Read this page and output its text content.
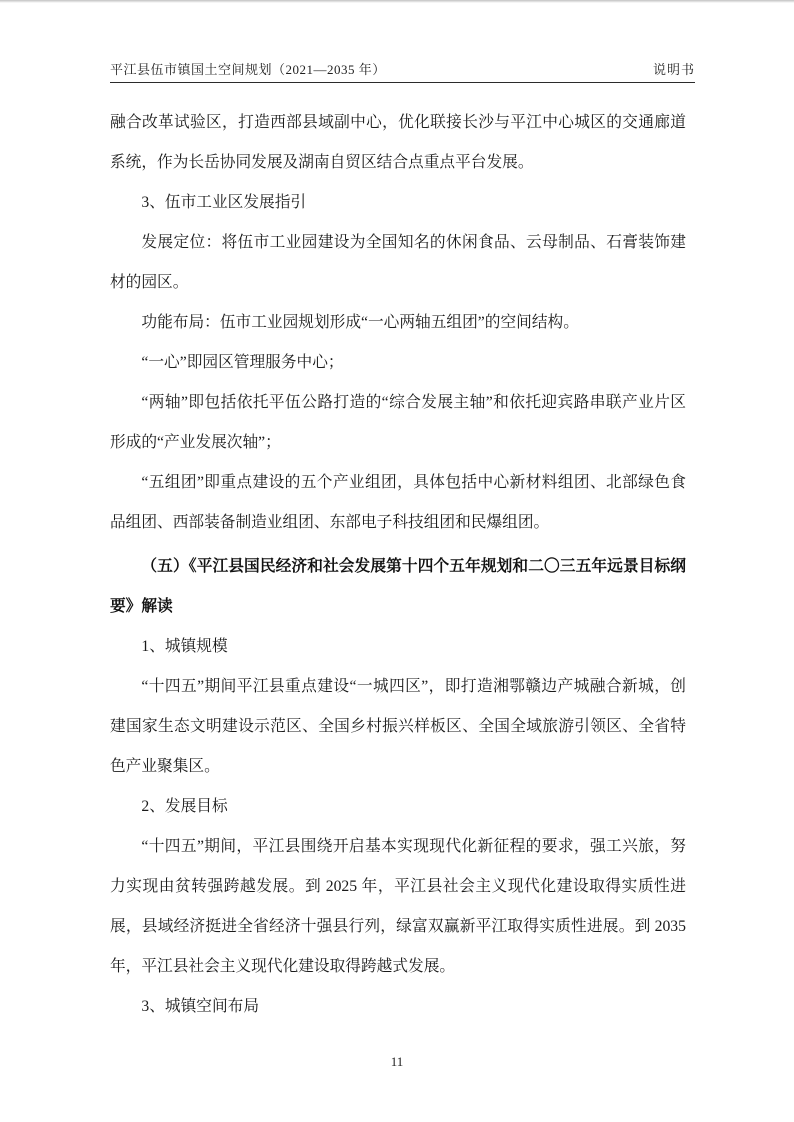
平江县伍市镇国土空间规划（2021—2035 年）	说明书

融合改革试验区，打造西部县域副中心，优化联接长沙与平江中心城区的交通廊道系统，作为长岳协同发展及湖南自贸区结合点重点平台发展。

3、伍市工业区发展指引

发展定位：将伍市工业园建设为全国知名的休闲食品、云母制品、石膏装饰建材的园区。

功能布局：伍市工业园规划形成“一心两轴五组团”的空间结构。

“一心”即园区管理服务中心；

“两轴”即包括依托平伍公路打造的“综合发展主轴”和依托迎宾路串联产业片区形成的“产业发展次轴”；

“五组团”即重点建设的五个产业组团，具体包括中心新材料组团、北部绿色食品组团、西部装备制造业组团、东部电子科技组团和民爆组团。

（五）《平江县国民经济和社会发展第十四个五年规划和二〇三五年远景目标纲要》解读

1、城镇规模

“十四五”期间平江县重点建设“一城四区”，即打造湘鄂赣边产城融合新城，创建国家生态文明建设示范区、全国乡村振兴样板区、全国全域旅游引领区、全省特色产业聚集区。

2、发展目标

“十四五”期间，平江县围绕开启基本实现现代化新征程的要求，强工兴旅，努力实现由贫转强跨越发展。到 2025 年，平江县社会主义现代化建设取得实质性进展，县域经济挺进全省经济十强县行列，绿富双赢新平江取得实质性进展。到 2035 年，平江县社会主义现代化建设取得跨越式发展。

3、城镇空间布局

11
